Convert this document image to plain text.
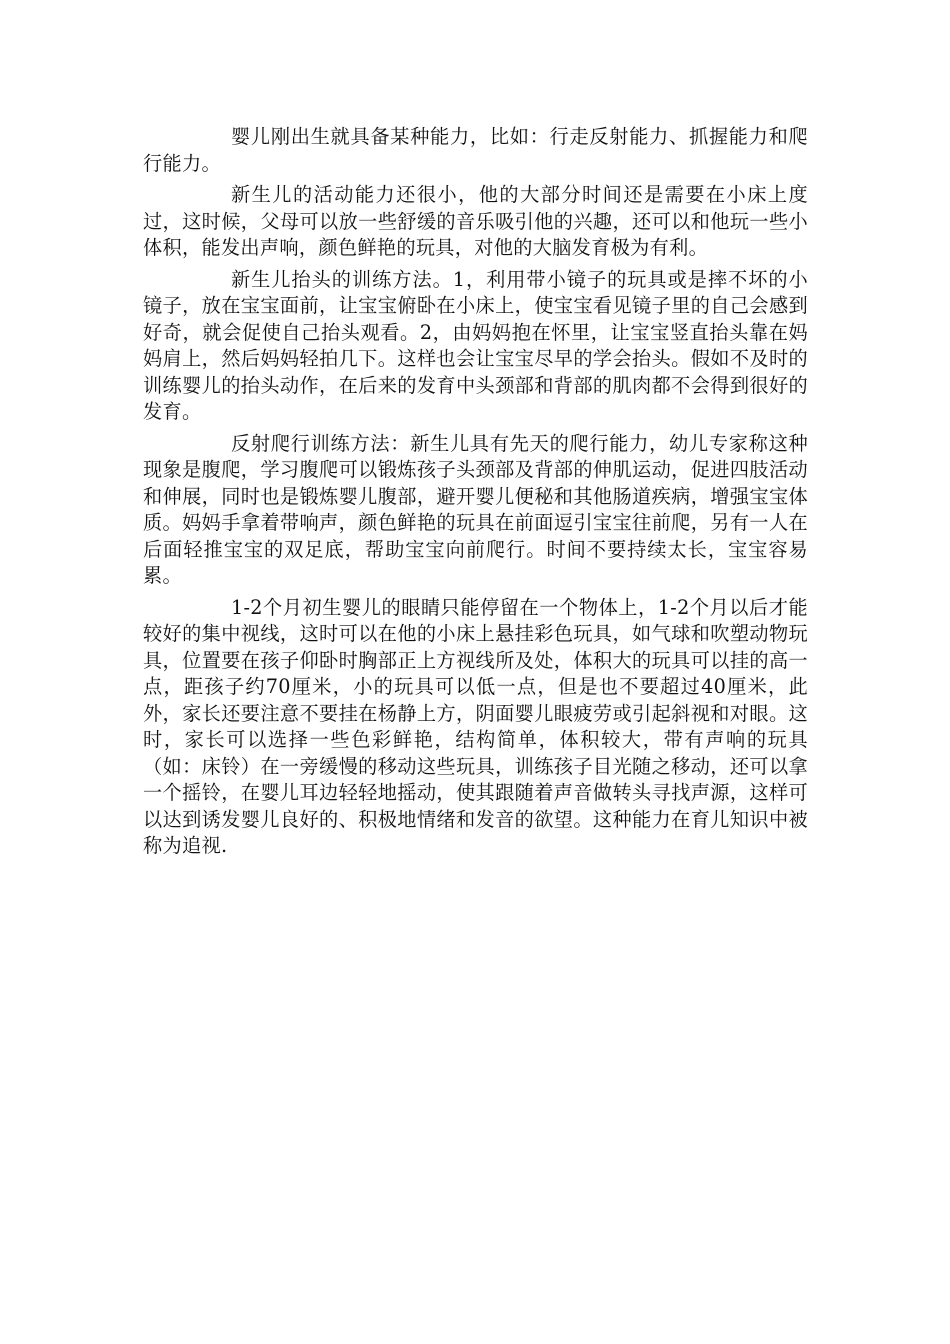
婴儿刚出生就具备某种能力，比如：行走反射能力、抓握能力和爬行能力。

新生儿的活动能力还很小，他的大部分时间还是需要在小床上度过，这时候，父母可以放一些舒缓的音乐吸引他的兴趣，还可以和他玩一些小体积，能发出声响，颜色鲜艳的玩具，对他的大脑发育极为有利。

新生儿抬头的训练方法。1，利用带小镜子的玩具或是摔不坏的小镜子，放在宝宝面前，让宝宝俯卧在小床上，使宝宝看见镜子里的自己会感到好奇，就会促使自己抬头观看。2，由妈妈抱在怀里，让宝宝竖直抬头靠在妈妈肩上，然后妈妈轻拍几下。这样也会让宝宝尽早的学会抬头。假如不及时的训练婴儿的抬头动作，在后来的发育中头颈部和背部的肌肉都不会得到很好的发育。

反射爬行训练方法：新生儿具有先天的爬行能力，幼儿专家称这种现象是腹爬，学习腹爬可以锻炼孩子头颈部及背部的伸肌运动，促进四肢活动和伸展，同时也是锻炼婴儿腹部，避开婴儿便秘和其他肠道疾病，增强宝宝体质。妈妈手拿着带响声，颜色鲜艳的玩具在前面逗引宝宝往前爬，另有一人在后面轻推宝宝的双足底，帮助宝宝向前爬行。时间不要持续太长，宝宝容易累。

1-2个月初生婴儿的眼睛只能停留在一个物体上，1-2个月以后才能较好的集中视线，这时可以在他的小床上悬挂彩色玩具，如气球和吹塑动物玩具，位置要在孩子仰卧时胸部正上方视线所及处，体积大的玩具可以挂的高一点，距孩子约70厘米，小的玩具可以低一点，但是也不要超过40厘米，此外，家长还要注意不要挂在杨静上方，阴面婴儿眼疲劳或引起斜视和对眼。这时，家长可以选择一些色彩鲜艳，结构简单，体积较大，带有声响的玩具（如：床铃）在一旁缓慢的移动这些玩具，训练孩子目光随之移动，还可以拿一个摇铃，在婴儿耳边轻轻地摇动，使其跟随着声音做转头寻找声源，这样可以达到诱发婴儿良好的、积极地情绪和发音的欲望。这种能力在育儿知识中被称为追视.
